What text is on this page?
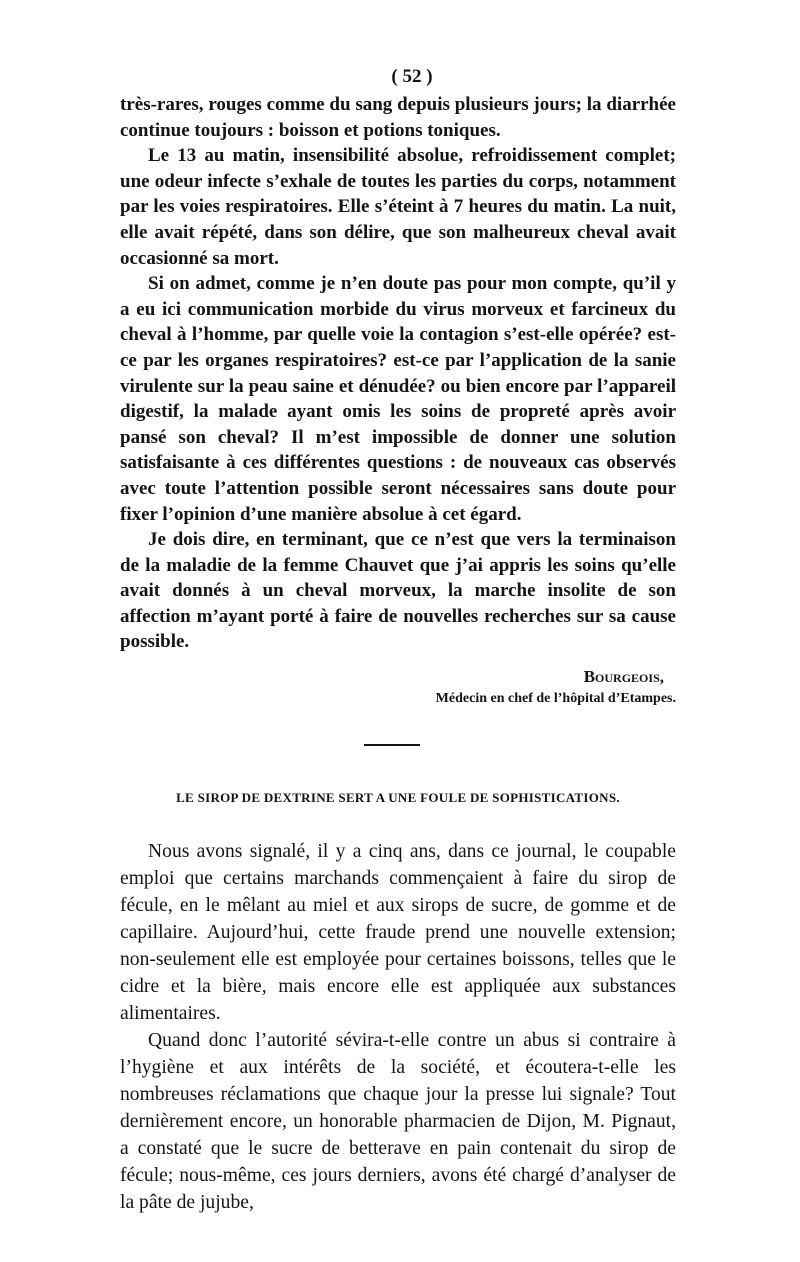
( 52 )

très-rares, rouges comme du sang depuis plusieurs jours; la diarrhée continue toujours : boisson et potions toniques.

Le 13 au matin, insensibilité absolue, refroidissement complet; une odeur infecte s’exhale de toutes les parties du corps, notamment par les voies respiratoires. Elle s’éteint à 7 heures du matin. La nuit, elle avait répété, dans son délire, que son malheureux cheval avait occasionné sa mort.

Si on admet, comme je n’en doute pas pour mon compte, qu’il y a eu ici communication morbide du virus morveux et farcineux du cheval à l’homme, par quelle voie la contagion s’est-elle opérée? est-ce par les organes respiratoires? est-ce par l’application de la sanie virulente sur la peau saine et dénudée? ou bien encore par l’appareil digestif, la malade ayant omis les soins de propreté après avoir pansé son cheval? Il m’est impossible de donner une solution satisfaisante à ces différentes questions : de nouveaux cas observés avec toute l’attention possible seront nécessaires sans doute pour fixer l’opinion d’une manière absolue à cet égard.

Je dois dire, en terminant, que ce n’est que vers la terminaison de la maladie de la femme Chauvet que j’ai appris les soins qu’elle avait donnés à un cheval morveux, la marche insolite de son affection m’ayant porté à faire de nouvelles recherches sur sa cause possible.

Bourgeois,
Médecin en chef de l’hôpital d’Etampes.
LE SIROP DE DEXTRINE SERT A UNE FOULE DE SOPHISTICATIONS.

Nous avons signalé, il y a cinq ans, dans ce journal, le coupable emploi que certains marchands commençaient à faire du sirop de fécule, en le mêlant au miel et aux sirops de sucre, de gomme et de capillaire. Aujourd’hui, cette fraude prend une nouvelle extension; non-seulement elle est employée pour certaines boissons, telles que le cidre et la bière, mais encore elle est appliquée aux substances alimentaires.

Quand donc l’autorité sévira-t-elle contre un abus si contraire à l’hygiène et aux intérêts de la société, et écoutera-t-elle les nombreuses réclamations que chaque jour la presse lui signale? Tout dernièrement encore, un honorable pharmacien de Dijon, M. Pignaut, a constaté que le sucre de betterave en pain contenait du sirop de fécule; nous-même, ces jours derniers, avons été chargé d’analyser de la pâte de jujube,
